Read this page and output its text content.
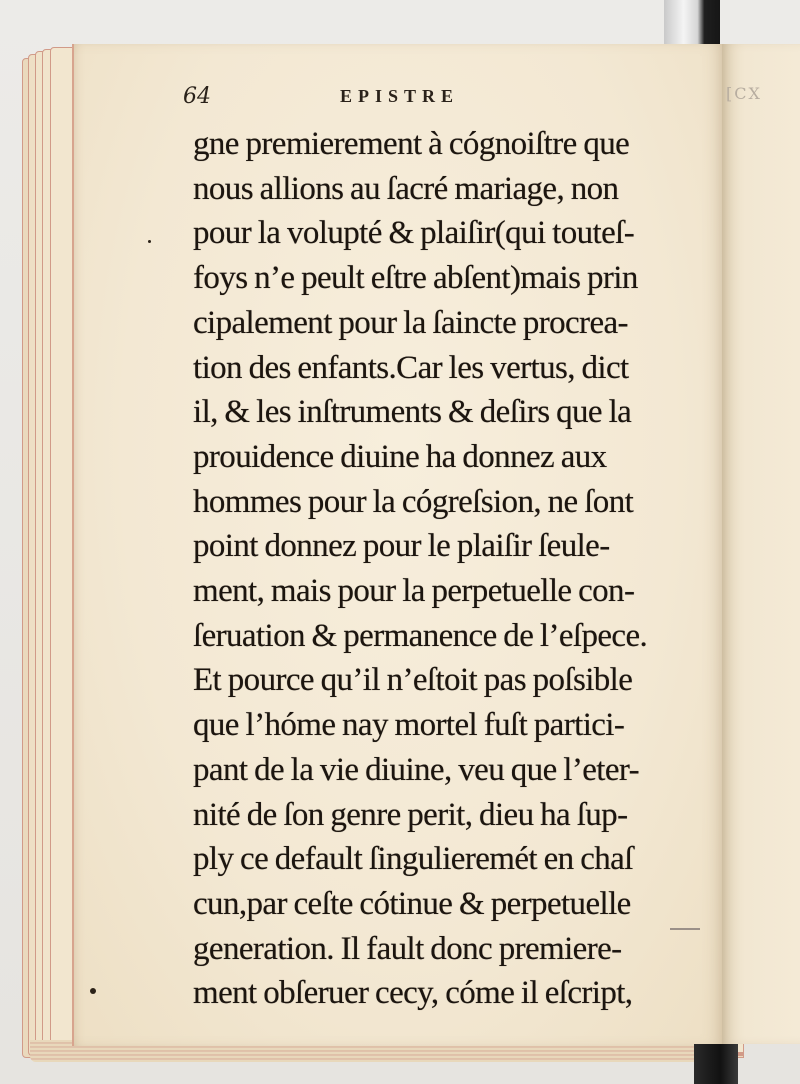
[CX
64	EPISTRE
gne premierement à cógnoiſtre que
nous allions au ſacré mariage, non
pour la volupté & plaiſir(qui touteſ-
foys n’e peult eſtre abſent)mais prin
cipalement pour la ſaincte procrea-
tion des enfants.Car les vertus, dict
il, & les inſtruments & deſirs que la
prouidence diuine ha donnez aux
hommes pour la cógreſsion, ne ſont
point donnez pour le plaiſir ſeule-
ment, mais pour la perpetuelle con-
ſeruation & permanence de l’eſpece.
Et pource qu’il n’eſtoit pas poſsible
que l’hóme nay mortel fuſt partici-
pant de la vie diuine, veu que l’eter-
nité de ſon genre perit, dieu ha ſup-
ply ce default ſingulieremét en chaſ
cun,par ceſte cótinue & perpetuelle
generation. Il fault donc premiere-
ment obſeruer cecy, cóme il eſcript,
